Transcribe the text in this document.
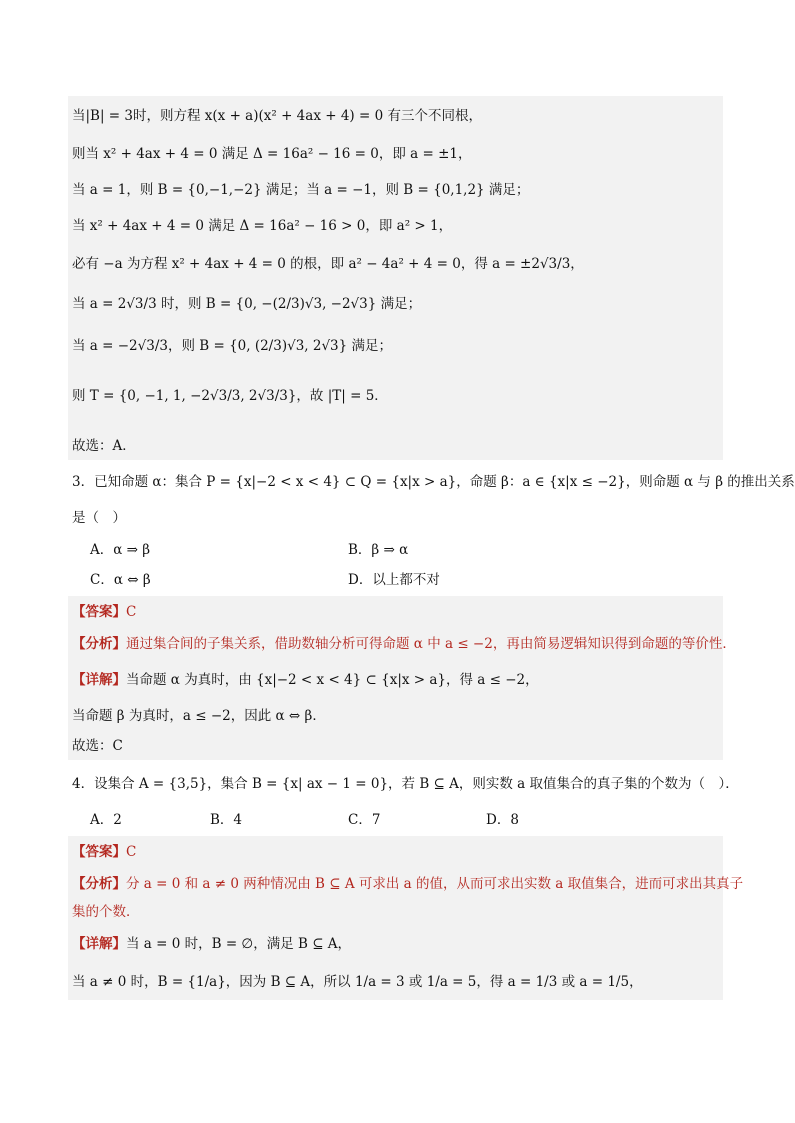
当|B| = 3时，则方程 x(x + a)(x² + 4ax + 4) = 0 有三个不同根，
则当 x² + 4ax + 4 = 0 满足 Δ = 16a² − 16 = 0，即 a = ±1，
当 a = 1，则 B = {0,−1,−2} 满足；当 a = −1，则 B = {0,1,2} 满足；
当 x² + 4ax + 4 = 0 满足 Δ = 16a² − 16 > 0，即 a² > 1，
必有 −a 为方程 x² + 4ax + 4 = 0 的根，即 a² − 4a² + 4 = 0，得 a = ±2√3/3，
当 a = 2√3/3 时，则 B = {0, −(2/3)√3, −2√3} 满足；
当 a = −2√3/3，则 B = {0, (2/3)√3, 2√3} 满足；
则 T = {0, −1, 1, −2√3/3, 2√3/3}，故 |T| = 5．
故选：A．
3．已知命题 α：集合 P = {x|−2 < x < 4} ⊂ Q = {x|x > a}，命题 β：a ∈ {x|x ≤ −2}，则命题 α 与 β 的推出关系
是（　）
A．α ⇒ β	B．β ⇒ α
C．α ⇔ β	D．以上都不对
【答案】C
【分析】通过集合间的子集关系，借助数轴分析可得命题 α 中 a ≤ −2，再由简易逻辑知识得到命题的等价性．
【详解】当命题 α 为真时，由 {x|−2 < x < 4} ⊂ {x|x > a}，得 a ≤ −2，
当命题 β 为真时，a ≤ −2，因此 α ⇔ β．
故选：C
4．设集合 A = {3,5}，集合 B = {x| ax − 1 = 0}，若 B ⊆ A，则实数 a 取值集合的真子集的个数为（　）．
A．2	B．4	C．7	D．8
【答案】C
【分析】分 a = 0 和 a ≠ 0 两种情况由 B ⊆ A 可求出 a 的值，从而可求出实数 a 取值集合，进而可求出其真子
集的个数．
【详解】当 a = 0 时，B = ∅，满足 B ⊆ A，
当 a ≠ 0 时，B = {1/a}，因为 B ⊆ A，所以 1/a = 3 或 1/a = 5，得 a = 1/3 或 a = 1/5，
